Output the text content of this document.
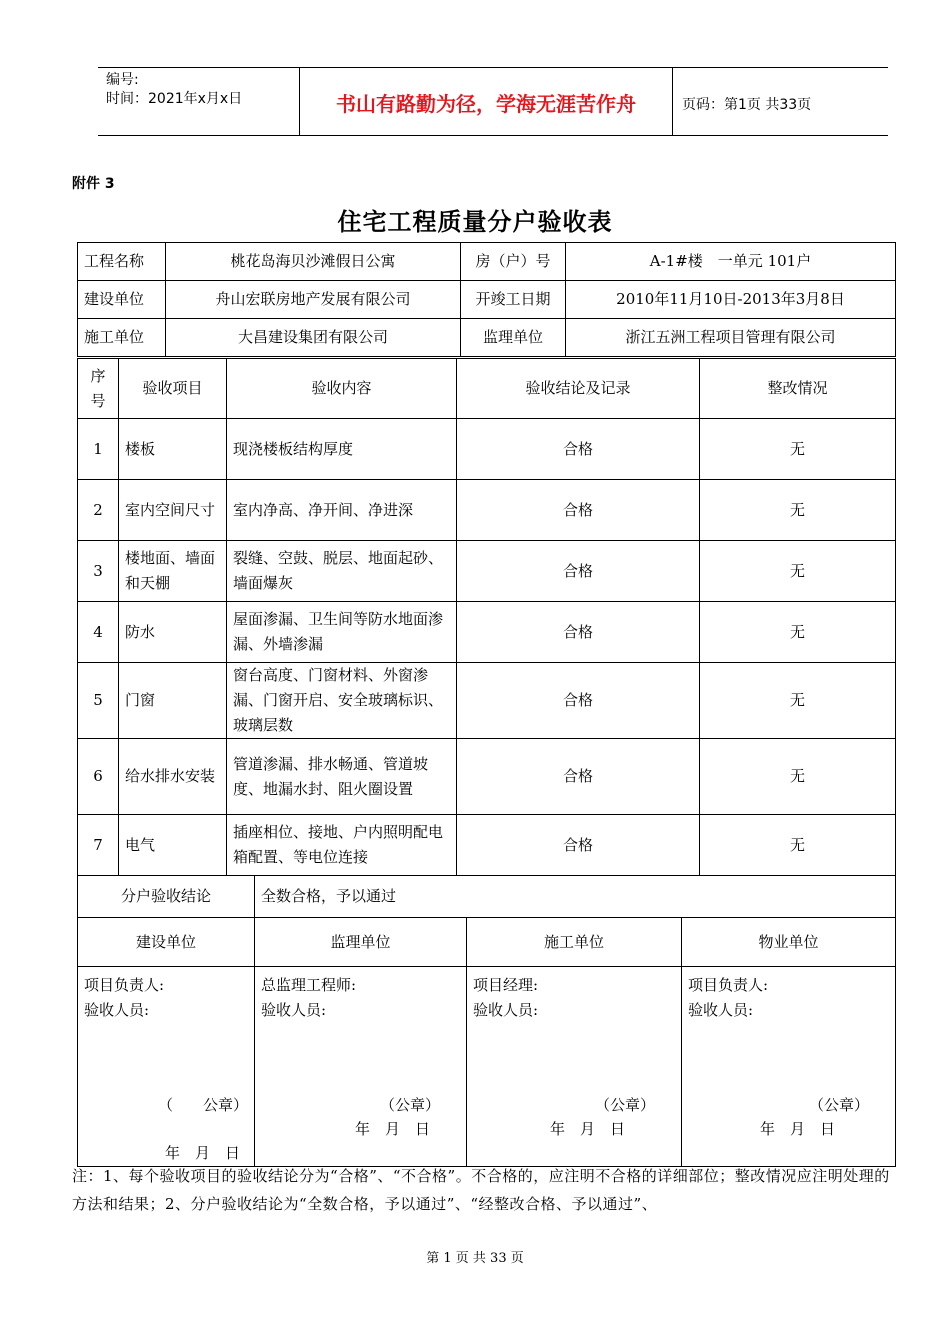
编号:
时间：2021年x月x日	书山有路勤为径，学海无涯苦作舟	页码：第1页 共33页
附件 3
住宅工程质量分户验收表
工程名称	桃花岛海贝沙滩假日公寓	房（户）号	A-1#楼　一单元 101户
建设单位	舟山宏联房地产发展有限公司	开竣工日期	2010年11月10日-2013年3月8日
施工单位	大昌建设集团有限公司	监理单位	浙江五洲工程项目管理有限公司
序号	验收项目	验收内容	验收结论及记录	整改情况
1	楼板	现浇楼板结构厚度	合格	无
2	室内空间尺寸	室内净高、净开间、净进深	合格	无
3	楼地面、墙面和天棚	裂缝、空鼓、脱层、地面起砂、墙面爆灰	合格	无
4	防水	屋面渗漏、卫生间等防水地面渗漏、外墙渗漏	合格	无
5	门窗	窗台高度、门窗材料、外窗渗漏、门窗开启、安全玻璃标识、玻璃层数	合格	无
6	给水排水安装	管道渗漏、排水畅通、管道坡度、地漏水封、阻火圈设置	合格	无
7	电气	插座相位、接地、户内照明配电箱配置、等电位连接	合格	无
分户验收结论	全数合格，予以通过		
建设单位	监理单位	施工单位	物业单位

项目负责人:
验收人员:
（　　公章）
年　月　日	总监理工程师:
验收人员:
（公章）
年　月　日	项目经理:
验收人员:
（公章）
年　月　日	项目负责人:
验收人员:
（公章）
年　月　日
注：1、每个验收项目的验收结论分为“合格”、“不合格”。不合格的，应注明不合格的详细部位；整改情况应注明处理的方法和结果；2、分户验收结论为“全数合格，予以通过”、“经整改合格、予以通过”、
第 1 页 共 33 页
